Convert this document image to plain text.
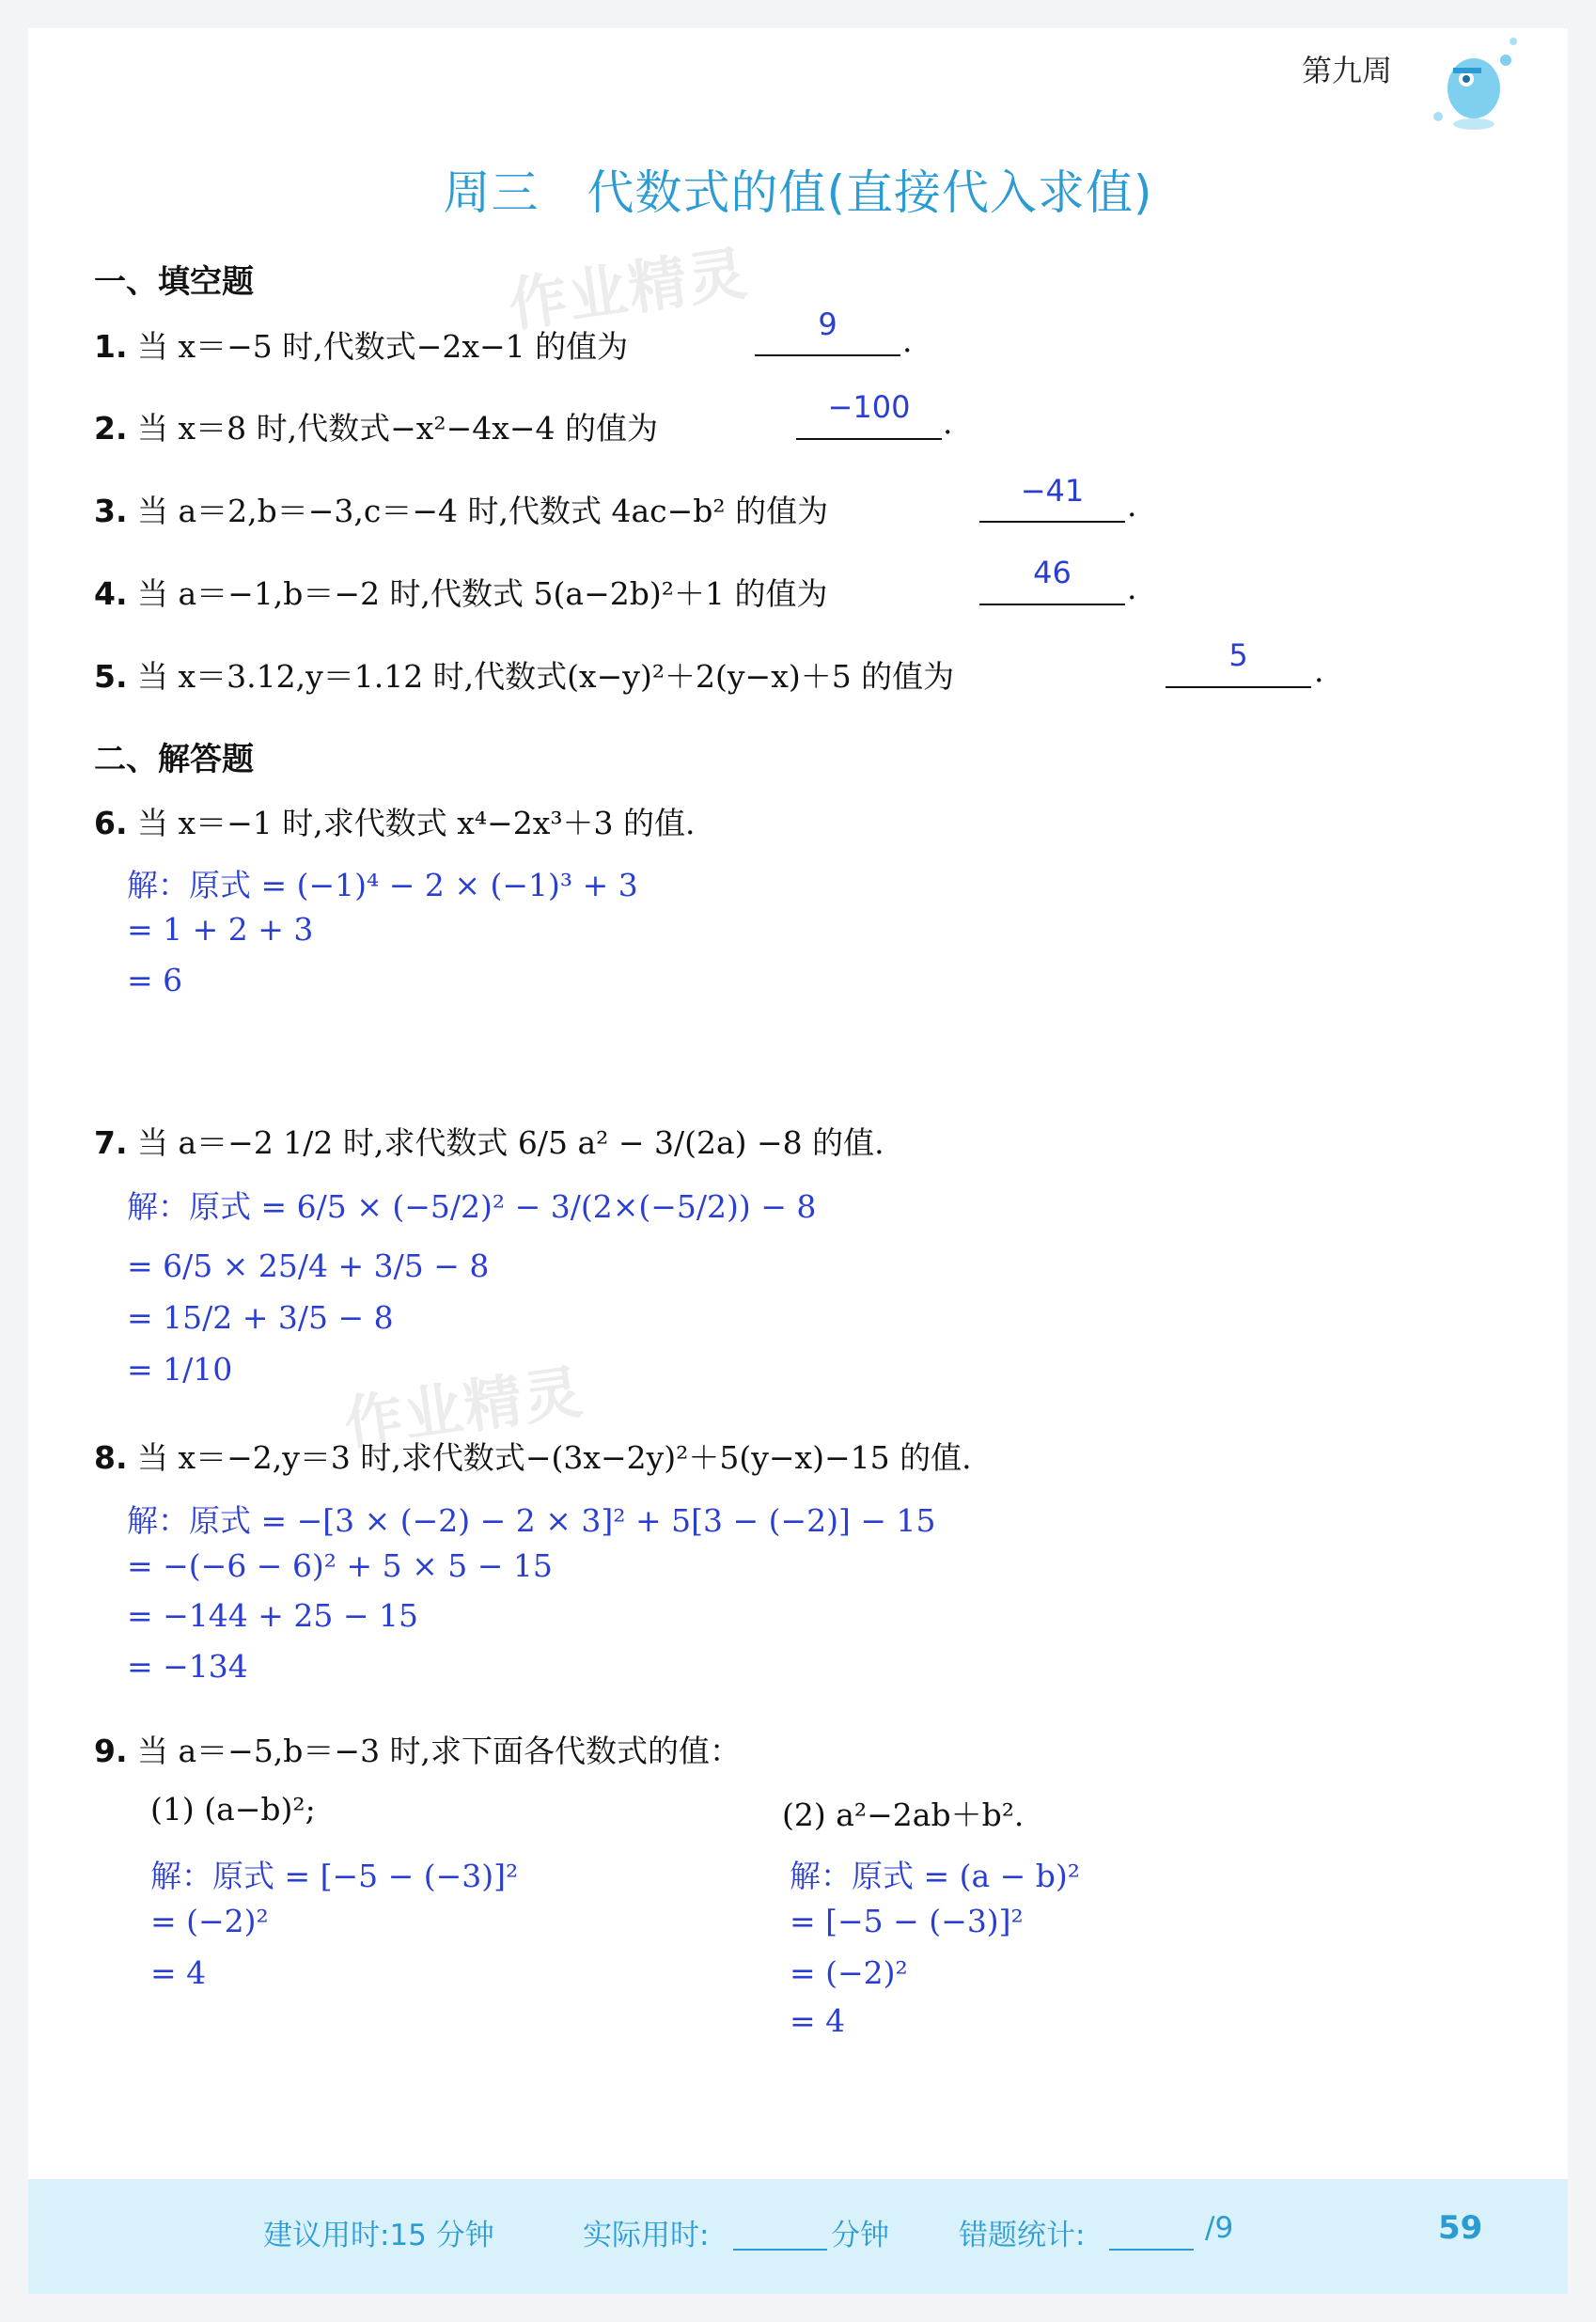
第九周
周三　代数式的值(直接代入求值)
作业精灵
作业精灵
一、填空题
1. 当 x＝−5 时,代数式−2x−1 的值为
9	.
2. 当 x＝8 时,代数式−x²−4x−4 的值为
−100	.
3. 当 a＝2,b＝−3,c＝−4 时,代数式 4ac−b² 的值为
−41	.
4. 当 a＝−1,b＝−2 时,代数式 5(a−2b)²＋1 的值为
46	.
5. 当 x＝3.12,y＝1.12 时,代数式(x−y)²＋2(y−x)＋5 的值为
5	.
二、解答题
6. 当 x＝−1 时,求代数式 x⁴−2x³＋3 的值.
解：原式 = (−1)⁴ − 2 × (−1)³ + 3
= 1 + 2 + 3
= 6
7. 当 a＝−2 1/2 时,求代数式 6/5 a² − 3/(2a) −8 的值.
解：原式 = 6/5 × (−5/2)² − 3/(2×(−5/2)) − 8
= 6/5 × 25/4 + 3/5 − 8
= 15/2 + 3/5 − 8
= 1/10
8. 当 x＝−2,y＝3 时,求代数式−(3x−2y)²＋5(y−x)−15 的值.
解：原式 = −[3 × (−2) − 2 × 3]² + 5[3 − (−2)] − 15
= −(−6 − 6)² + 5 × 5 − 15
= −144 + 25 − 15
= −134
9. 当 a＝−5,b＝−3 时,求下面各代数式的值：
(1) (a−b)²;
解：原式 = [−5 − (−3)]²
= (−2)²
= 4
(2) a²−2ab＋b².
解：原式 = (a − b)²
= [−5 − (−3)]²
= (−2)²
= 4
建议用时:15 分钟	实际用时:	分钟 错题统计:	/9	59
